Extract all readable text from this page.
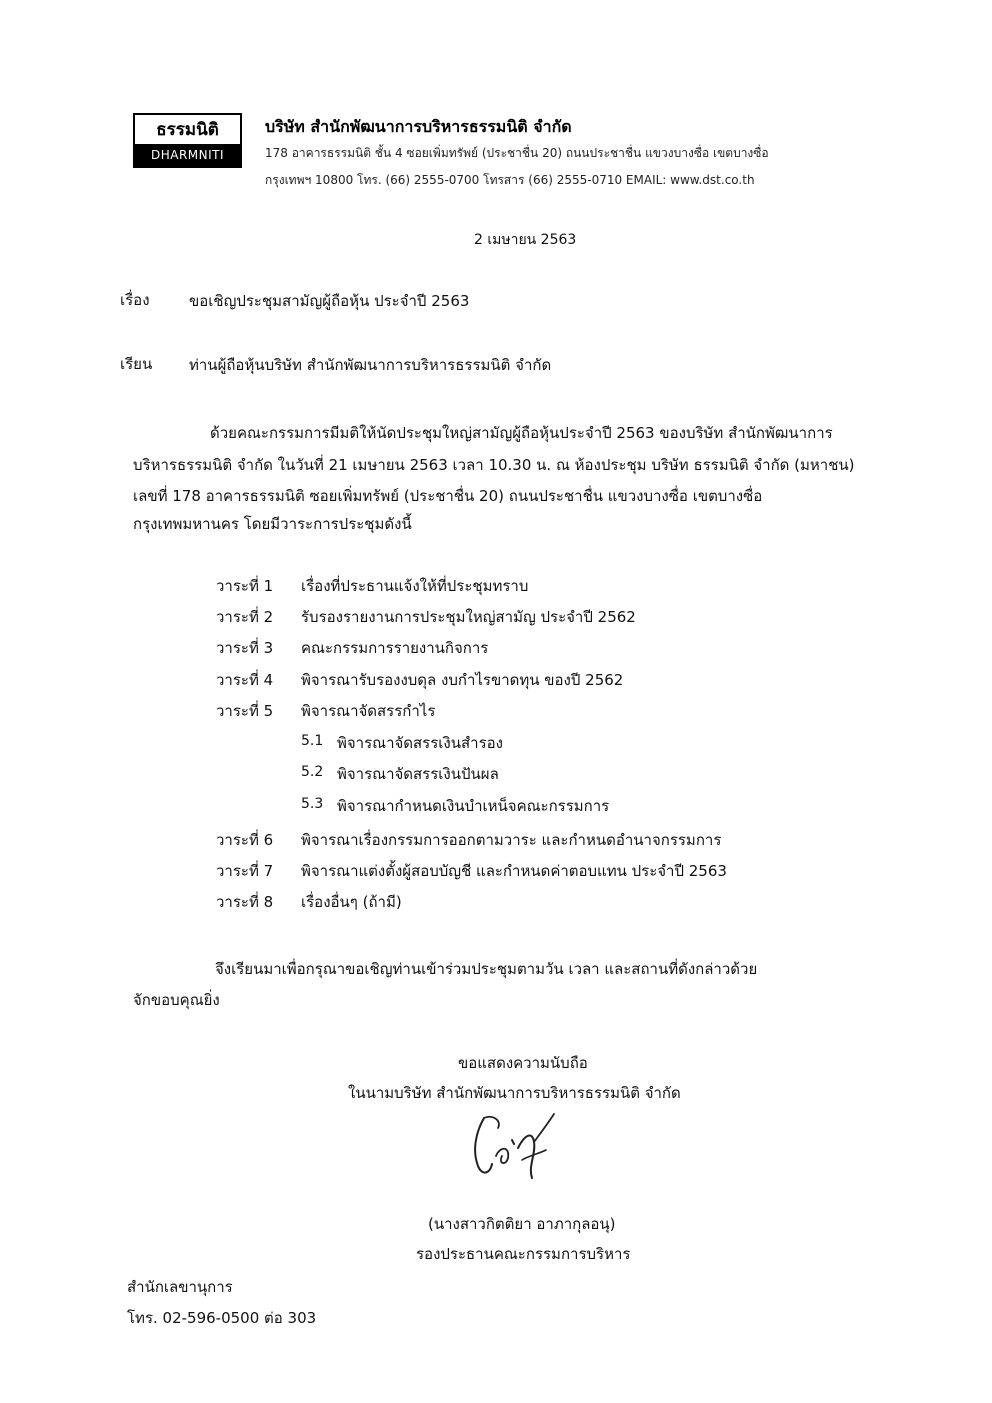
ธรรมนิติ
DHARMNITI
บริษัท สำนักพัฒนาการบริหารธรรมนิติ จำกัด
178 อาคารธรรมนิติ ชั้น 4 ซอยเพิ่มทรัพย์ (ประชาชื่น 20) ถนนประชาชื่น แขวงบางซื่อ เขตบางซื่อ
กรุงเทพฯ 10800 โทร. (66) 2555-0700 โทรสาร (66) 2555-0710 EMAIL: www.dst.co.th
2 เมษายน 2563
เรื่อง	ขอเชิญประชุมสามัญผู้ถือหุ้น ประจำปี 2563
เรียน ท่านผู้ถือหุ้นบริษัท สำนักพัฒนาการบริหารธรรมนิติ จำกัด
ด้วยคณะกรรมการมีมติให้นัดประชุมใหญ่สามัญผู้ถือหุ้นประจำปี 2563 ของบริษัท สำนักพัฒนาการ
บริหารธรรมนิติ จำกัด ในวันที่ 21 เมษายน 2563 เวลา 10.30 น. ณ ห้องประชุม บริษัท ธรรมนิติ จำกัด (มหาชน)
เลขที่ 178 อาคารธรรมนิติ ซอยเพิ่มทรัพย์ (ประชาชื่น 20) ถนนประชาชื่น แขวงบางซื่อ เขตบางซื่อ
กรุงเทพมหานคร โดยมีวาระการประชุมดังนี้
วาระที่ 1 เรื่องที่ประธานแจ้งให้ที่ประชุมทราบ
วาระที่ 2 รับรองรายงานการประชุมใหญ่สามัญ ประจำปี 2562
วาระที่ 3 คณะกรรมการรายงานกิจการ
วาระที่ 4 พิจารณารับรองงบดุล งบกำไรขาดทุน ของปี 2562
วาระที่ 5 พิจารณาจัดสรรกำไร
5.1 พิจารณาจัดสรรเงินสำรอง
5.2 พิจารณาจัดสรรเงินปันผล
5.3 พิจารณากำหนดเงินบำเหน็จคณะกรรมการ
วาระที่ 6 พิจารณาเรื่องกรรมการออกตามวาระ และกำหนดอำนาจกรรมการ
วาระที่ 7 พิจารณาแต่งตั้งผู้สอบบัญชี และกำหนดค่าตอบแทน ประจำปี 2563
วาระที่ 8 เรื่องอื่นๆ (ถ้ามี)
จึงเรียนมาเพื่อกรุณาขอเชิญท่านเข้าร่วมประชุมตามวัน เวลา และสถานที่ดังกล่าวด้วย
จักขอบคุณยิ่ง
ขอแสดงความนับถือ
ในนามบริษัท สำนักพัฒนาการบริหารธรรมนิติ จำกัด
(นางสาวกิตติยา อาภากุลอนุ)
รองประธานคณะกรรมการบริหาร
สำนักเลขานุการ
โทร. 02-596-0500 ต่อ 303
